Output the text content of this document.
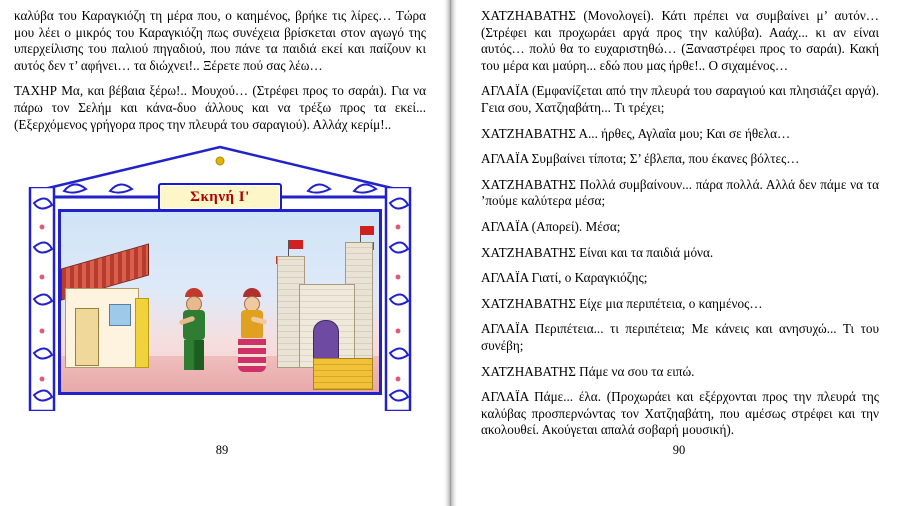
καλύβα του Καραγκιόζη τη μέρα που, ο καημένος, βρήκε τις λίρες… Τώρα μου λέει ο μικρός του Καραγκιόζη πως συνέχεια βρίσκεται στον αγωγό της υπερχείλισης του παλιού πηγαδιού, που πάνε τα παιδιά εκεί και παίζουν κι αυτός δεν τ’ αφήνει… τα διώχνει!.. Ξέρετε πού σας λέω…

ΤΑΧΗΡ Μα, και βέβαια ξέρω!.. Μουχού… (Στρέφει προς το σαράι). Για να πάρω τον Σελήμ και κάνα-δυο άλλους και να τρέξω προς τα εκεί... (Εξερχόμενος γρήγορα προς την πλευρά του σαραγιού). Αλλάχ κερίμ!..

Σκηνή Ι'
89

ΧΑΤΖΗΑΒΑΤΗΣ (Μονολογεί). Κάτι πρέπει να συμβαίνει μ’ αυτόν… (Στρέφει και προχωράει αργά προς την καλύβα). Ααάχ... κι αν είναι αυτός… πολύ θα το ευχαριστηθώ… (Ξαναστρέφει προς το σαράι). Κακή του μέρα και μαύρη... εδώ που μας ήρθε!.. Ο σιχαμένος…

ΑΓΛΑΪΑ (Εμφανίζεται από την πλευρά του σαραγιού και πλησιάζει αργά). Γεια σου, Χατζηαβάτη... Τι τρέχει;

ΧΑΤΖΗΑΒΑΤΗΣ Α... ήρθες, Αγλαΐα μου; Και σε ήθελα…

ΑΓΛΑΪΑ Συμβαίνει τίποτα; Σ’ έβλεπα, που έκανες βόλτες…

ΧΑΤΖΗΑΒΑΤΗΣ Πολλά συμβαίνουν... πάρα πολλά. Αλλά δεν πάμε να τα ’πούμε καλύτερα μέσα;

ΑΓΛΑΪΑ (Απορεί). Μέσα;

ΧΑΤΖΗΑΒΑΤΗΣ Είναι και τα παιδιά μόνα.

ΑΓΛΑΪΑ Γιατί, ο Καραγκιόζης;

ΧΑΤΖΗΑΒΑΤΗΣ Είχε μια περιπέτεια, ο καημένος…

ΑΓΛΑΪΑ Περιπέτεια... τι περιπέτεια; Με κάνεις και ανησυχώ... Τι του συνέβη;

ΧΑΤΖΗΑΒΑΤΗΣ Πάμε να σου τα ειπώ.

ΑΓΛΑΪΑ Πάμε... έλα. (Προχωράει και εξέρχονται προς την πλευρά της καλύβας προσπερνώντας τον Χατζηαβάτη, που αμέσως στρέφει και την ακολουθεί. Ακούγεται απαλά σοβαρή μουσική).

90
